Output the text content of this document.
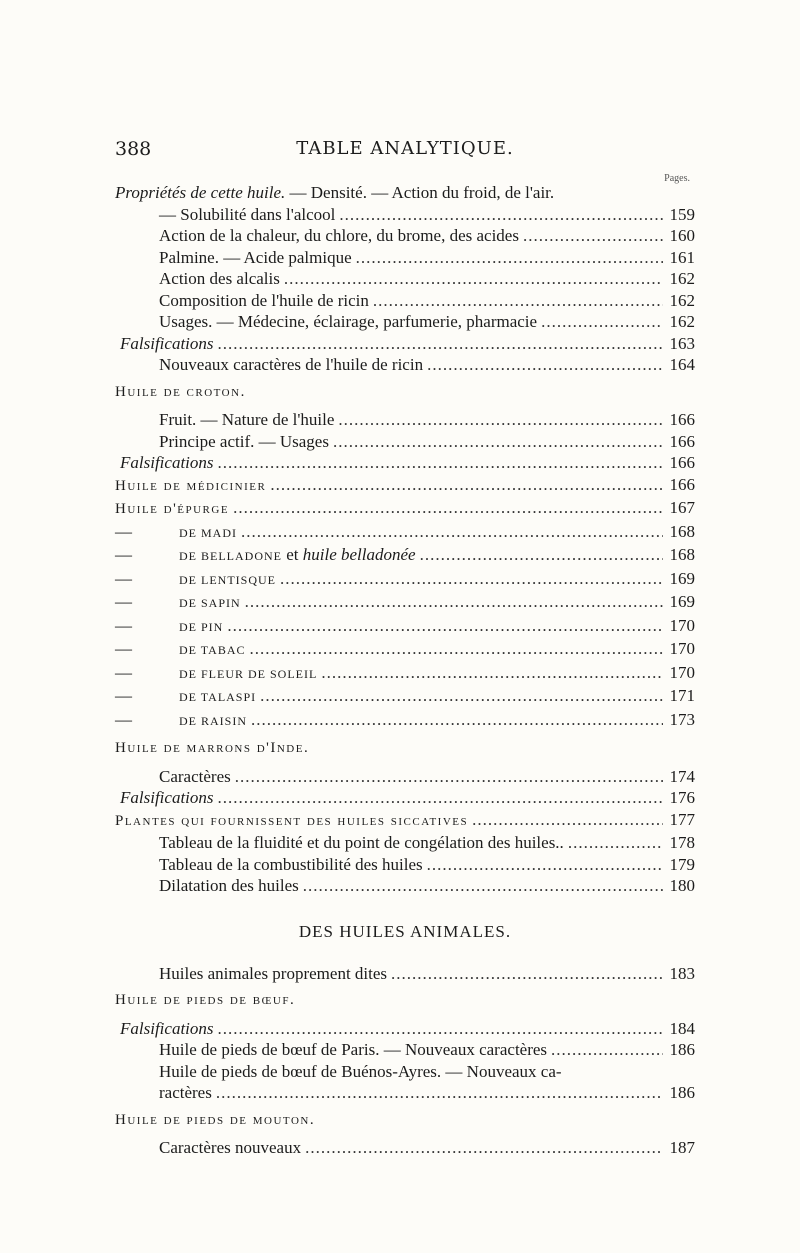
388	TABLE ANALYTIQUE.
Pages.
Propriétés de cette huile. — Densité. — Action du froid, de l'air.
— Solubilité dans l'alcool .....	159
Action de la chaleur, du chlore, du brome, des acides .....	160
Palmine. — Acide palmique .....	161
Action des alcalis .....	162
Composition de l'huile de ricin .....	162
Usages. — Médecine, éclairage, parfumerie, pharmacie .....	162
Falsifications .....	163
Nouveaux caractères de l'huile de ricin .....	164
Huile de croton.
Fruit. — Nature de l'huile .....	166
Principe actif. — Usages .....	166
Falsifications .....	166
Huile de médicinier .....	166
Huile d'épurge .....	167
—	DE MADI .....	168
—	DE BELLADONE et huile belladonée .....	168
—	DE LENTISQUE .....	169
—	DE SAPIN .....	169
—	DE PIN .....	170
—	DE TABAC .....	170
—	DE FLEUR DE SOLEIL .....	170
—	DE TALASPI .....	171
—	DE RAISIN .....	173
Huile de marrons d'Inde.
Caractères .....	174
Falsifications .....	176
Plantes qui fournissent des huiles siccatives .....	177
Tableau de la fluidité et du point de congélation des huiles.. .....	178
Tableau de la combustibilité des huiles .....	179
Dilatation des huiles .....	180
DES HUILES ANIMALES.
Huiles animales proprement dites .....	183
Huile de pieds de bœuf.
Falsifications .....	184
Huile de pieds de bœuf de Paris. — Nouveaux caractères .....	186
Huile de pieds de bœuf de Buénos-Ayres. — Nouveaux ca-
ractères .....	186
Huile de pieds de mouton.
Caractères nouveaux .....	187
